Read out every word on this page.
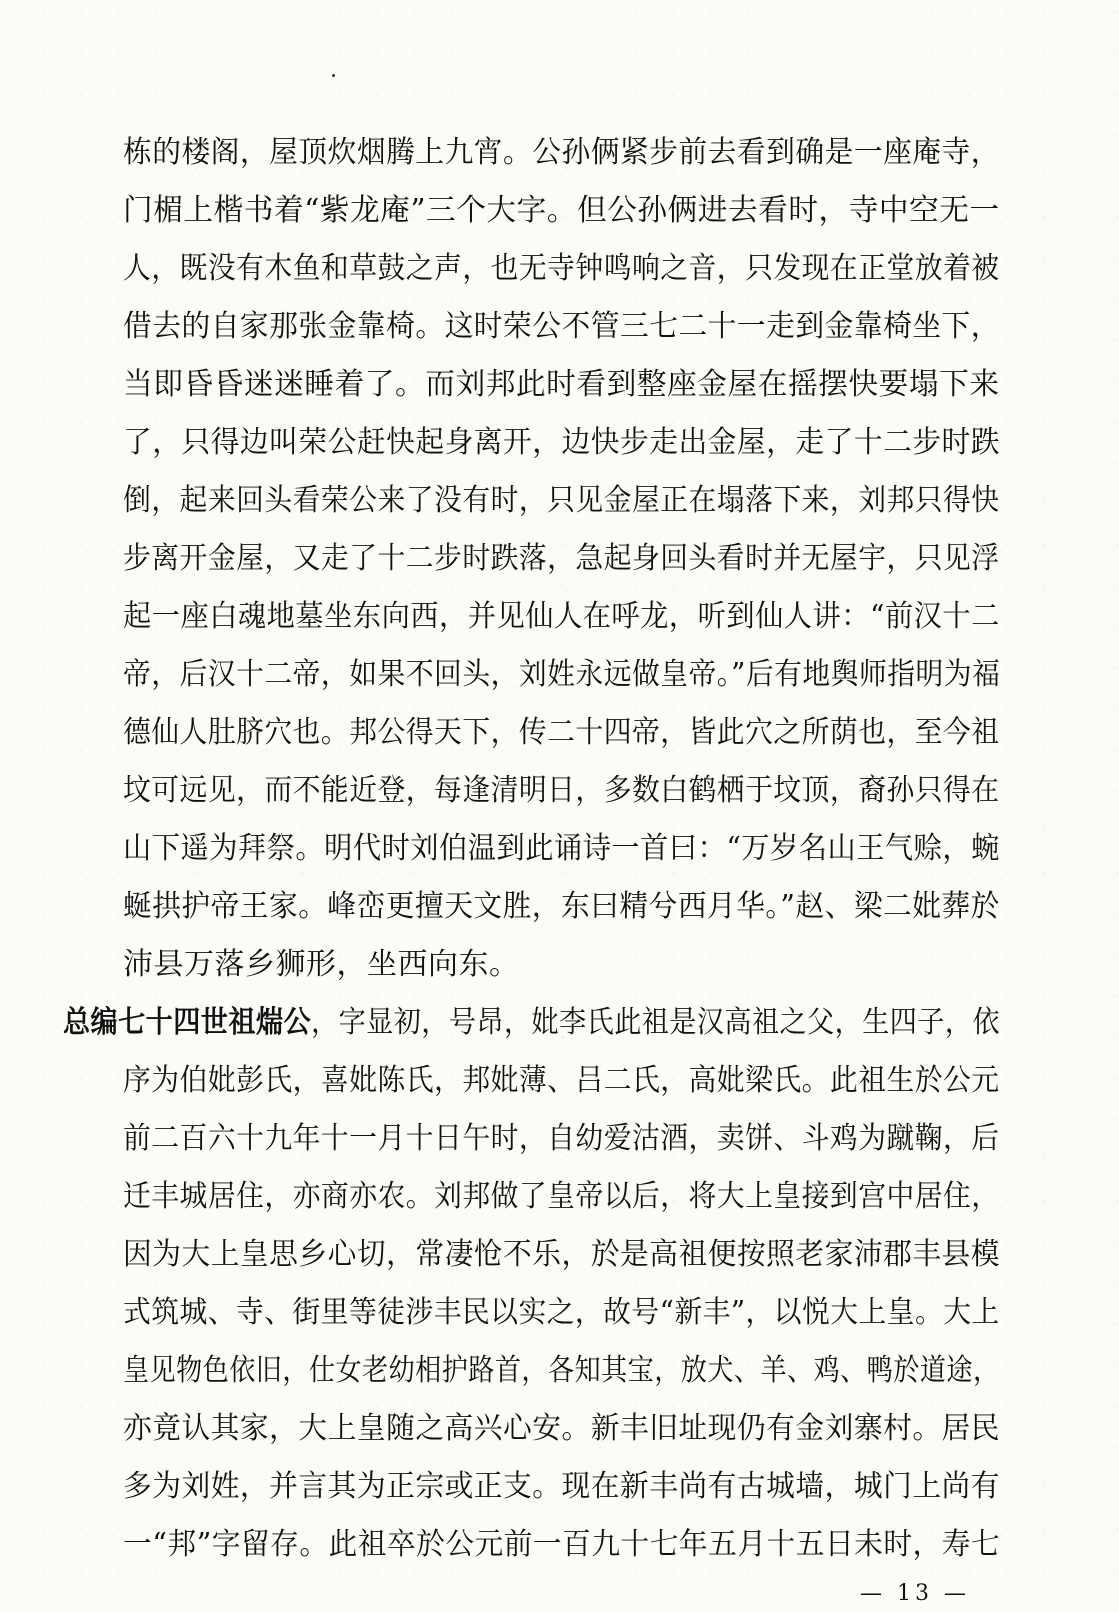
栋的楼阁，屋顶炊烟腾上九宵。公孙俩紧步前去看到确是一座庵寺，
门楣上楷书着“紫龙庵”三个大字。但公孙俩进去看时，寺中空无一
人，既没有木鱼和草鼓之声，也无寺钟鸣响之音，只发现在正堂放着被
借去的自家那张金靠椅。这时荣公不管三七二十一走到金靠椅坐下，
当即昏昏迷迷睡着了。而刘邦此时看到整座金屋在摇摆快要塌下来
了，只得边叫荣公赶快起身离开，边快步走出金屋，走了十二步时跌
倒，起来回头看荣公来了没有时，只见金屋正在塌落下来，刘邦只得快
步离开金屋，又走了十二步时跌落，急起身回头看时并无屋宇，只见浮
起一座白魂地墓坐东向西，并见仙人在呼龙，听到仙人讲：“前汉十二
帝，后汉十二帝，如果不回头，刘姓永远做皇帝。”后有地舆师指明为福
德仙人肚脐穴也。邦公得天下，传二十四帝，皆此穴之所荫也，至今祖
坟可远见，而不能近登，每逢清明日，多数白鹤栖于坟顶，裔孙只得在
山下遥为拜祭。明代时刘伯温到此诵诗一首曰：“万岁名山王气赊，蜿
蜒拱护帝王家。峰峦更擅天文胜，东曰精兮西月华。”赵、梁二妣葬於
沛县万落乡狮形，坐西向东。
总编七十四世祖煓公，字显初，号昂，妣李氏此祖是汉高祖之父，生四子，依
序为伯妣彭氏，喜妣陈氏，邦妣薄、吕二氏，高妣梁氏。此祖生於公元
前二百六十九年十一月十日午时，自幼爱沽酒，卖饼、斗鸡为蹴鞠，后
迁丰城居住，亦商亦农。刘邦做了皇帝以后，将大上皇接到宫中居住，
因为大上皇思乡心切，常凄怆不乐，於是高祖便按照老家沛郡丰县模
式筑城、寺、街里等徒涉丰民以实之，故号“新丰”，以悦大上皇。大上
皇见物色依旧，仕女老幼相护路首，各知其宝，放犬、羊、鸡、鸭於道途，
亦竟认其家，大上皇随之高兴心安。新丰旧址现仍有金刘寨村。居民
多为刘姓，并言其为正宗或正支。现在新丰尚有古城墙，城门上尚有
一“邦”字留存。此祖卒於公元前一百九十七年五月十五日未时，寿七
— 13 —
